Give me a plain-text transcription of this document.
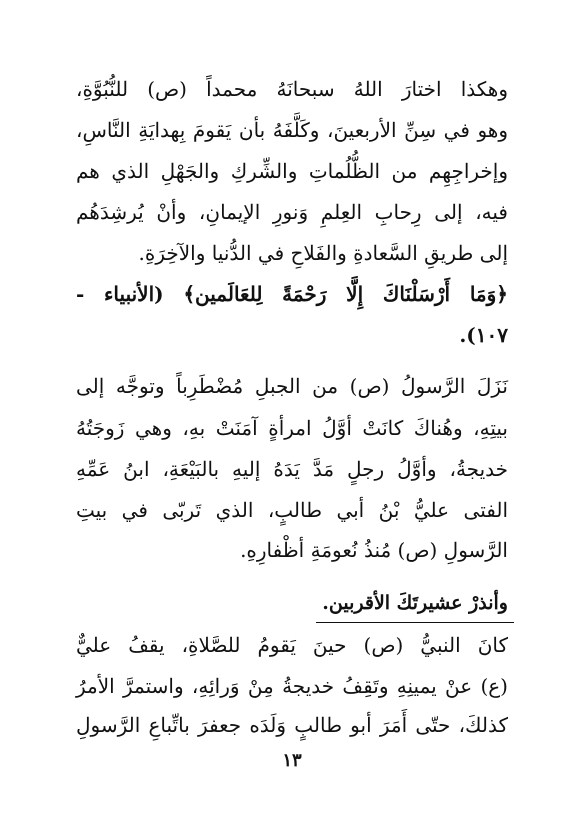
وهكذا اختارَ اللهُ سبحانَهُ محمداً (ص) للنُّبُوَّةِ،
وهو في سِنِّ الأربعينَ، وكَلَّفَهُ بأن يَقومَ بِهدايَةِ النَّاسِ،
وإخراجِهِم من الظُّلُماتِ والشِّركِ والجَهْلِ الذي هم
فيه، إلى رِحابِ العِلمِ وَنورِ الإيمانِ، وأنْ يُرشِدَهُم
إلى طريقِ السَّعادةِ والفَلاحِ في الدُّنيا والآخِرَةِ.
﴿وَمَا أَرْسَلْنَاكَ إِلَّا رَحْمَةً لِلعَالَمين﴾ (الأنبياء -
١٠٧).
نَزَلَ الرَّسولُ (ص) من الجبلِ مُضْطَرِباً وتوجَّه إلى
بيتِهِ، وهُناكَ كانَتْ أوَّلُ امرأةٍ آمَنَتْ بهِ، وهي زَوجَتُهُ
خديجةُ، وأوَّلُ رجلٍ مَدَّ يَدَهُ إليهِ بالبَيْعَةِ، ابنُ عَمِّهِ
الفتى عليُّ بْنُ أبي طالبٍ، الذي تَربّى في بيتِ
الرَّسولِ (ص) مُنذُ نُعومَةِ أظْفارِهِ.
وأنذرْ عشيرتَكَ الأقربين.
كانَ النبيُّ (ص) حينَ يَقومُ للصَّلاةِ، يقفُ عليٌّ
(ع) عنْ يمينِهِ وتَقِفُ خديجةُ مِنْ وَرائِهِ، واستمرَّ الأمرُ
كذلكَ، حتّى أَمَرَ أبو طالبٍ وَلَدَه جعفرَ باتِّباعِ الرَّسولِ
١٣
